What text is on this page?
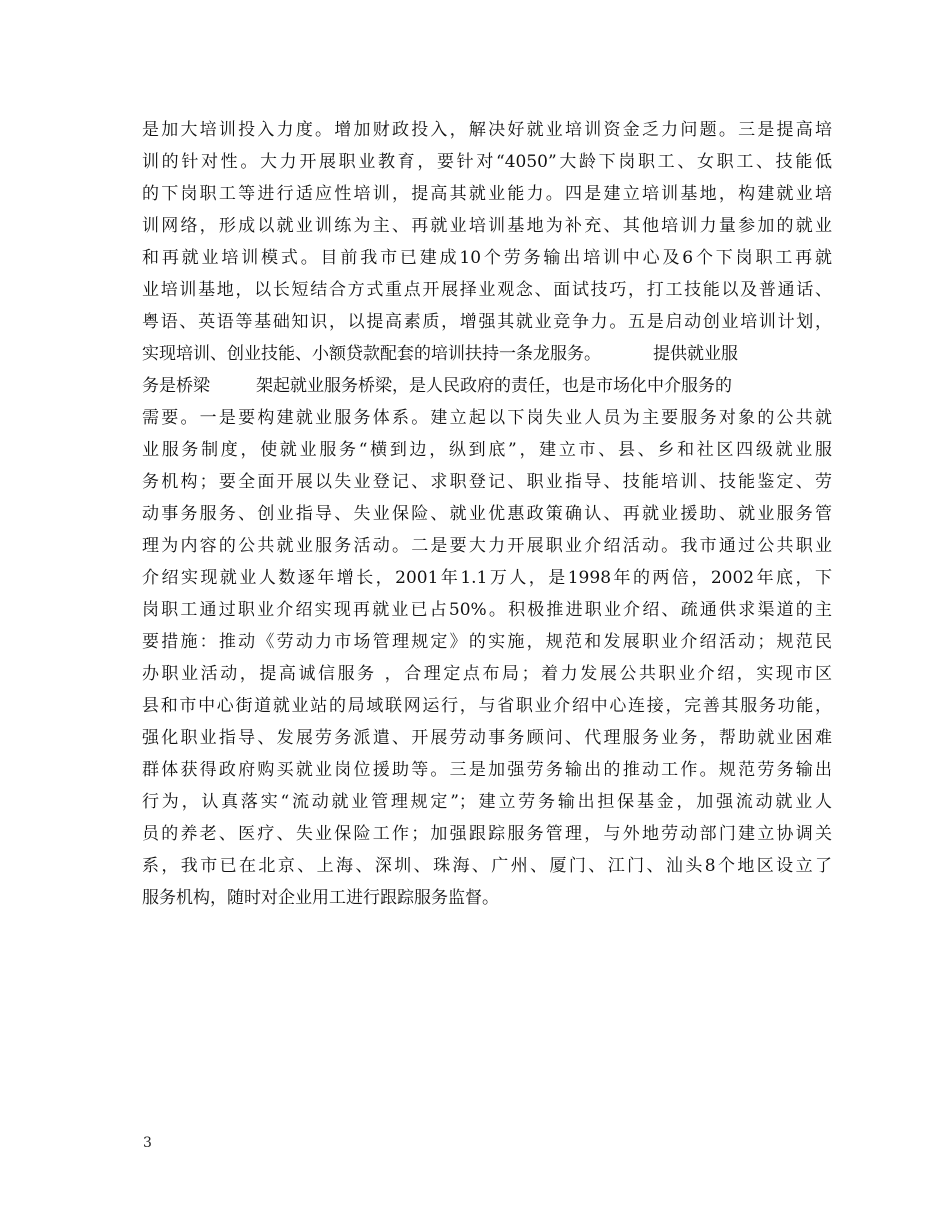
是加大培训投入力度。增加财政投入，解决好就业培训资金乏力问题。三是提高培
训的针对性。大力开展职业教育，要针对“4050”大龄下岗职工、女职工、技能低
的下岗职工等进行适应性培训，提高其就业能力。四是建立培训基地，构建就业培
训网络，形成以就业训练为主、再就业培训基地为补充、其他培训力量参加的就业
和再就业培训模式。目前我市已建成10个劳务输出培训中心及6个下岗职工再就
业培训基地，以长短结合方式重点开展择业观念、面试技巧，打工技能以及普通话、
粤语、英语等基础知识，以提高素质，增强其就业竞争力。五是启动创业培训计划，
实现培训、创业技能、小额贷款配套的培训扶持一条龙服务。	提供就业服
务是桥梁	架起就业服务桥梁，是人民政府的责任，也是市场化中介服务的
需要。一是要构建就业服务体系。建立起以下岗失业人员为主要服务对象的公共就
业服务制度，使就业服务“横到边，纵到底”，建立市、县、乡和社区四级就业服
务机构；要全面开展以失业登记、求职登记、职业指导、技能培训、技能鉴定、劳
动事务服务、创业指导、失业保险、就业优惠政策确认、再就业援助、就业服务管
理为内容的公共就业服务活动。二是要大力开展职业介绍活动。我市通过公共职业
介绍实现就业人数逐年增长，2001年1.1万人，是1998年的两倍，2002年底，下
岗职工通过职业介绍实现再就业已占50%。积极推进职业介绍、疏通供求渠道的主
要措施：推动《劳动力市场管理规定》的实施，规范和发展职业介绍活动；规范民
办职业活动，提高诚信服务 ，合理定点布局；着力发展公共职业介绍，实现市区
县和市中心街道就业站的局域联网运行，与省职业介绍中心连接，完善其服务功能，
强化职业指导、发展劳务派遣、开展劳动事务顾问、代理服务业务，帮助就业困难
群体获得政府购买就业岗位援助等。三是加强劳务输出的推动工作。规范劳务输出
行为，认真落实“流动就业管理规定”；建立劳务输出担保基金，加强流动就业人
员的养老、医疗、失业保险工作；加强跟踪服务管理，与外地劳动部门建立协调关
系，我市已在北京、上海、深圳、珠海、广州、厦门、江门、汕头8个地区设立了
服务机构，随时对企业用工进行跟踪服务监督。
3
